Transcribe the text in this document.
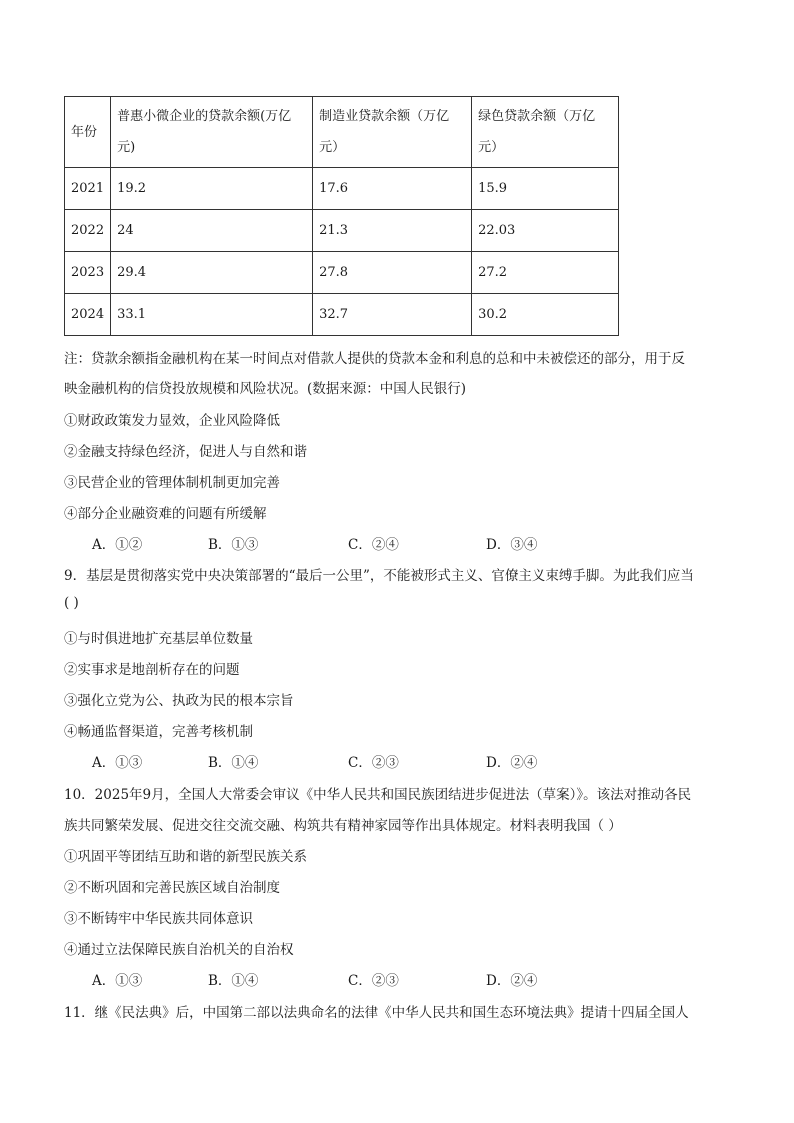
年份	普惠小微企业的贷款余额(万亿元)	制造业贷款余额（万亿元）	绿色贷款余额（万亿元）
2021	19.2	17.6	15.9
2022	24	21.3	22.03
2023	29.4	27.8	27.2
2024	33.1	32.7	30.2
注：贷款余额指金融机构在某一时间点对借款人提供的贷款本金和利息的总和中未被偿还的部分，用于反
映金融机构的信贷投放规模和风险状况。(数据来源：中国人民银行)
①财政政策发力显效，企业风险降低
②金融支持绿色经济，促进人与自然和谐
③民营企业的管理体制机制更加完善
④部分企业融资难的问题有所缓解
A．①②	B．①③	C．②④	D．③④
9．基层是贯彻落实党中央决策部署的“最后一公里”，不能被形式主义、官僚主义束缚手脚。为此我们应当
( )
①与时俱进地扩充基层单位数量
②实事求是地剖析存在的问题
③强化立党为公、执政为民的根本宗旨
④畅通监督渠道，完善考核机制
A．①③	B．①④	C．②③	D．②④
10．2025年9月，全国人大常委会审议《中华人民共和国民族团结进步促进法（草案）》。该法对推动各民
族共同繁荣发展、促进交往交流交融、构筑共有精神家园等作出具体规定。材料表明我国（ ）
①巩固平等团结互助和谐的新型民族关系
②不断巩固和完善民族区域自治制度
③不断铸牢中华民族共同体意识
④通过立法保障民族自治机关的自治权
A．①③	B．①④	C．②③	D．②④
11．继《民法典》后，中国第二部以法典命名的法律《中华人民共和国生态环境法典》提请十四届全国人
